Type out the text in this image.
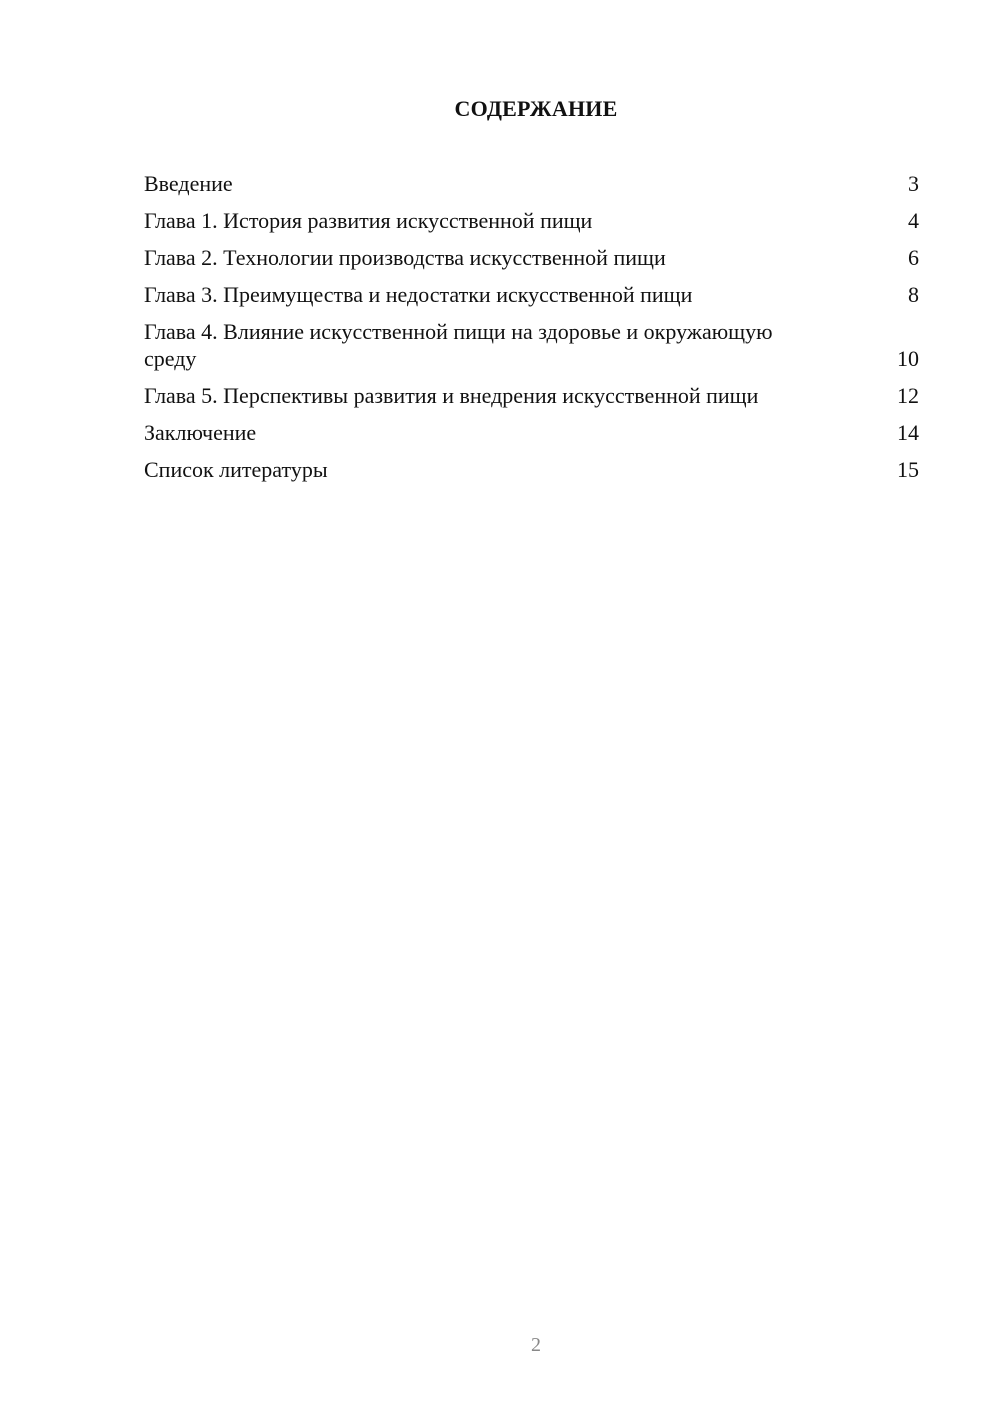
СОДЕРЖАНИЕ
Введение	3
Глава 1. История развития искусственной пищи	4
Глава 2. Технологии производства искусственной пищи	6
Глава 3. Преимущества и недостатки искусственной пищи	8
Глава 4. Влияние искусственной пищи на здоровье и окружающую среду	10
Глава 5. Перспективы развития и внедрения искусственной пищи	12
Заключение	14
Список литературы	15
2
